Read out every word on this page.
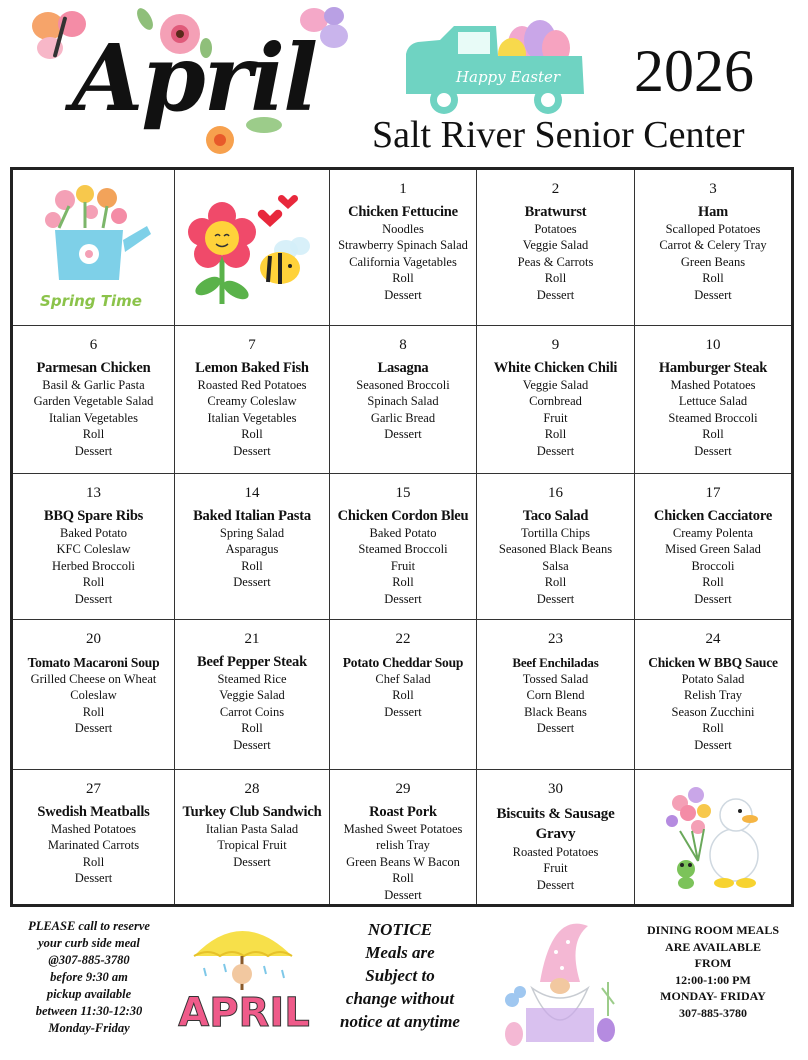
April	Happy Easter 2026
Salt River Senior Center
Spring Time
1
Chicken Fettucine
Noodles
Strawberry Spinach Salad
California Vagetables
Roll
Dessert
2
Bratwurst
Potatoes
Veggie Salad
Peas & Carrots
Roll
Dessert
3
Ham
Scalloped Potatoes
Carrot & Celery Tray
Green Beans
Roll
Dessert
6
Parmesan Chicken
Basil & Garlic Pasta
Garden Vegetable Salad
Italian Vegetables
Roll
Dessert
7
Lemon Baked Fish
Roasted Red Potatoes
Creamy Coleslaw
Italian Vegetables
Roll
Dessert
8
Lasagna
Seasoned Broccoli
Spinach Salad
Garlic Bread
Dessert
9
White Chicken Chili
Veggie Salad
Cornbread
Fruit
Roll
Dessert
10
Hamburger Steak
Mashed Potatoes
Lettuce Salad
Steamed Broccoli
Roll
Dessert
13
BBQ Spare Ribs
Baked Potato
KFC Coleslaw
Herbed Broccoli
Roll
Dessert
14
Baked Italian Pasta
Spring Salad
Asparagus
Roll
Dessert
15
Chicken Cordon Bleu
Baked Potato
Steamed Broccoli
Fruit
Roll
Dessert
16
Taco Salad
Tortilla Chips
Seasoned Black Beans
Salsa
Roll
Dessert
17
Chicken Cacciatore
Creamy Polenta
Mised Green Salad
Broccoli
Roll
Dessert
20
Tomato Macaroni Soup
Grilled Cheese on Wheat
Coleslaw
Roll
Dessert
21
Beef Pepper Steak
Steamed Rice
Veggie Salad
Carrot Coins
Roll
Dessert
22
Potato Cheddar Soup
Chef Salad
Roll
Dessert
23
Beef Enchiladas
Tossed Salad
Corn Blend
Black Beans
Dessert
24
Chicken W BBQ Sauce
Potato Salad
Relish Tray
Season Zucchini
Roll
Dessert
27
Swedish Meatballs
Mashed Potatoes
Marinated Carrots
Roll
Dessert
28
Turkey Club Sandwich
Italian Pasta Salad
Tropical Fruit
Dessert
29
Roast Pork
Mashed Sweet Potatoes
relish Tray
Green Beans W Bacon
Roll
Dessert
30
Biscuits & Sausage Gravy
Roasted Potatoes
Fruit
Dessert
PLEASE call to reserve
your curb side meal
@307-885-3780
before 9:30 am
pickup available
between 11:30-12:30
Monday-Friday	APRIL
NOTICE
Meals are
Subject to
change without
notice at anytime
DINING ROOM MEALS
ARE AVAILABLE
FROM
12:00-1:00 PM
MONDAY- FRIDAY
307-885-3780
